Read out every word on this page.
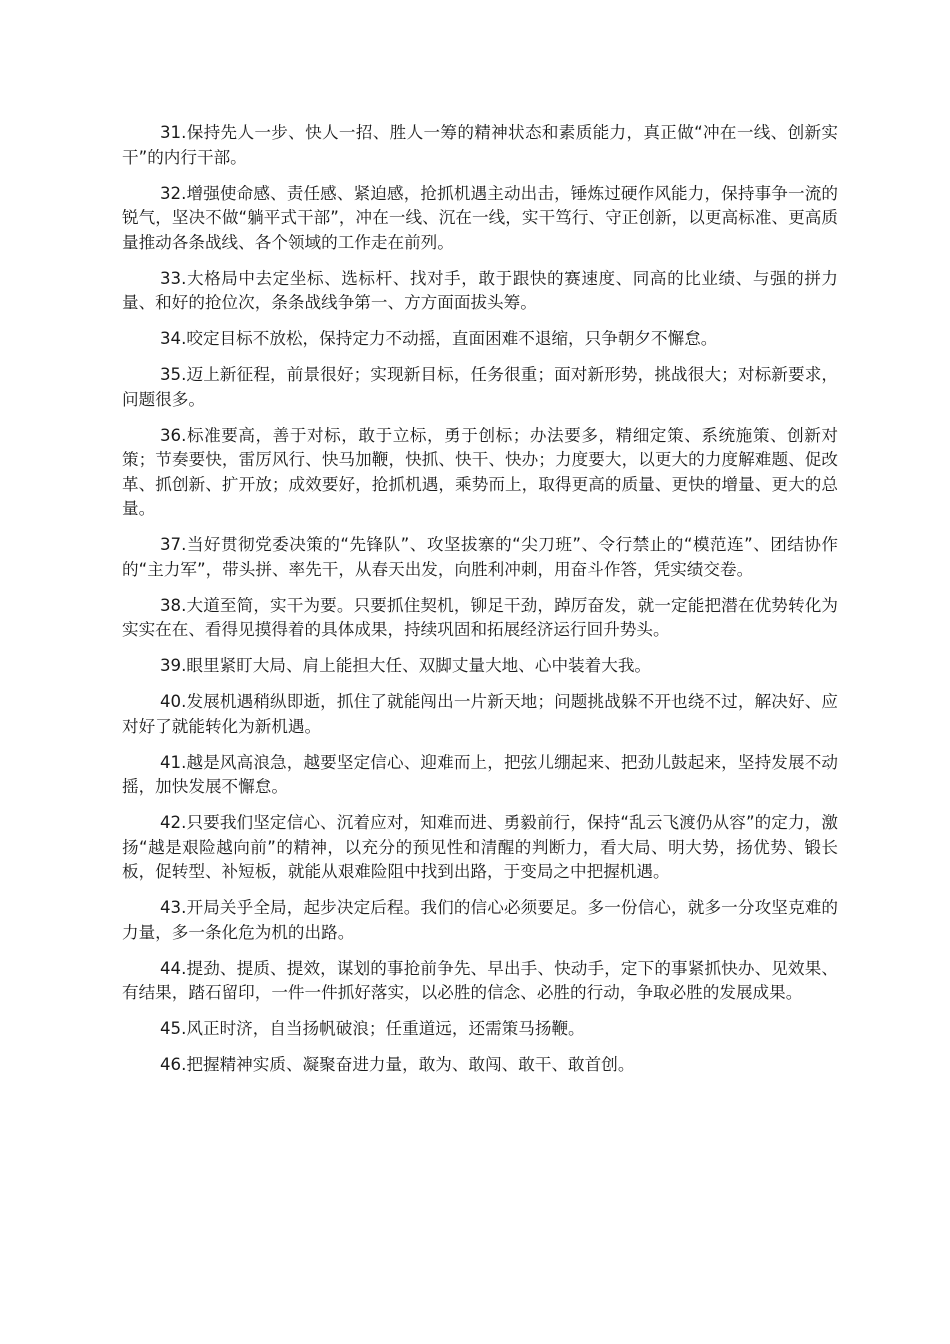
31.保持先人一步、快人一招、胜人一筹的精神状态和素质能力，真正做“冲在一线、创新实干”的内行干部。

32.增强使命感、责任感、紧迫感，抢抓机遇主动出击，锤炼过硬作风能力，保持事争一流的锐气，坚决不做“躺平式干部”，冲在一线、沉在一线，实干笃行、守正创新，以更高标准、更高质量推动各条战线、各个领域的工作走在前列。

33.大格局中去定坐标、选标杆、找对手，敢于跟快的赛速度、同高的比业绩、与强的拼力量、和好的抢位次，条条战线争第一、方方面面拔头筹。

34.咬定目标不放松，保持定力不动摇，直面困难不退缩，只争朝夕不懈怠。

35.迈上新征程，前景很好；实现新目标，任务很重；面对新形势，挑战很大；对标新要求，问题很多。

36.标准要高，善于对标，敢于立标，勇于创标；办法要多，精细定策、系统施策、创新对策；节奏要快，雷厉风行、快马加鞭，快抓、快干、快办；力度要大，以更大的力度解难题、促改革、抓创新、扩开放；成效要好，抢抓机遇，乘势而上，取得更高的质量、更快的增量、更大的总量。

37.当好贯彻党委决策的“先锋队”、攻坚拔寨的“尖刀班”、令行禁止的“模范连”、团结协作的“主力军”，带头拼、率先干，从春天出发，向胜利冲刺，用奋斗作答，凭实绩交卷。

38.大道至简，实干为要。只要抓住契机，铆足干劲，踔厉奋发，就一定能把潜在优势转化为实实在在、看得见摸得着的具体成果，持续巩固和拓展经济运行回升势头。

39.眼里紧盯大局、肩上能担大任、双脚丈量大地、心中装着大我。

40.发展机遇稍纵即逝，抓住了就能闯出一片新天地；问题挑战躲不开也绕不过，解决好、应对好了就能转化为新机遇。

41.越是风高浪急，越要坚定信心、迎难而上，把弦儿绷起来、把劲儿鼓起来，坚持发展不动摇，加快发展不懈怠。

42.只要我们坚定信心、沉着应对，知难而进、勇毅前行，保持“乱云飞渡仍从容”的定力，激扬“越是艰险越向前”的精神，以充分的预见性和清醒的判断力，看大局、明大势，扬优势、锻长板，促转型、补短板，就能从艰难险阻中找到出路，于变局之中把握机遇。

43.开局关乎全局，起步决定后程。我们的信心必须要足。多一份信心，就多一分攻坚克难的力量，多一条化危为机的出路。

44.提劲、提质、提效，谋划的事抢前争先、早出手、快动手，定下的事紧抓快办、见效果、有结果，踏石留印，一件一件抓好落实，以必胜的信念、必胜的行动，争取必胜的发展成果。

45.风正时济，自当扬帆破浪；任重道远，还需策马扬鞭。

46.把握精神实质、凝聚奋进力量，敢为、敢闯、敢干、敢首创。
